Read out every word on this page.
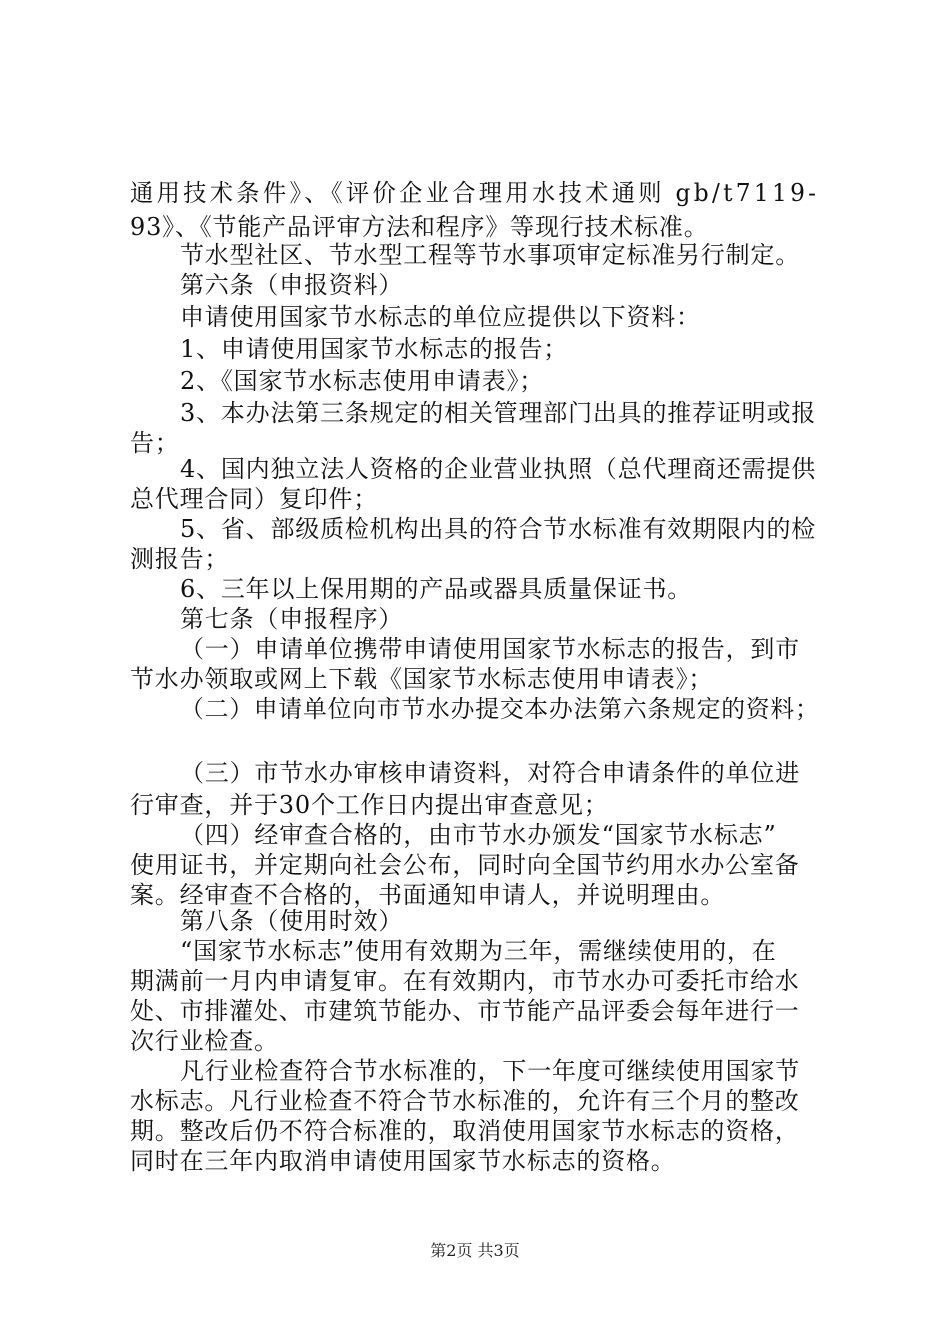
通用技术条件》、《评价企业合理用水技术通则 gb/t7119-
93》、《节能产品评审方法和程序》等现行技术标准。
节水型社区、节水型工程等节水事项审定标准另行制定。
第六条（申报资料）
申请使用国家节水标志的单位应提供以下资料：
1、申请使用国家节水标志的报告；
2、《国家节水标志使用申请表》；
3、本办法第三条规定的相关管理部门出具的推荐证明或报
告；
4、国内独立法人资格的企业营业执照（总代理商还需提供
总代理合同）复印件；
5、省、部级质检机构出具的符合节水标准有效期限内的检
测报告；
6、三年以上保用期的产品或器具质量保证书。
第七条（申报程序）
（一）申请单位携带申请使用国家节水标志的报告，到市
节水办领取或网上下载《国家节水标志使用申请表》；
（二）申请单位向市节水办提交本办法第六条规定的资料；
（三）市节水办审核申请资料，对符合申请条件的单位进
行审查，并于30个工作日内提出审查意见；
（四）经审查合格的，由市节水办颁发“国家节水标志”
使用证书，并定期向社会公布，同时向全国节约用水办公室备
案。经审查不合格的，书面通知申请人，并说明理由。
第八条（使用时效）
“国家节水标志”使用有效期为三年，需继续使用的，在
期满前一月内申请复审。在有效期内，市节水办可委托市给水
处、市排灌处、市建筑节能办、市节能产品评委会每年进行一
次行业检查。
凡行业检查符合节水标准的，下一年度可继续使用国家节
水标志。凡行业检查不符合节水标准的，允许有三个月的整改
期。整改后仍不符合标准的，取消使用国家节水标志的资格，
同时在三年内取消申请使用国家节水标志的资格。
第2页 共3页
